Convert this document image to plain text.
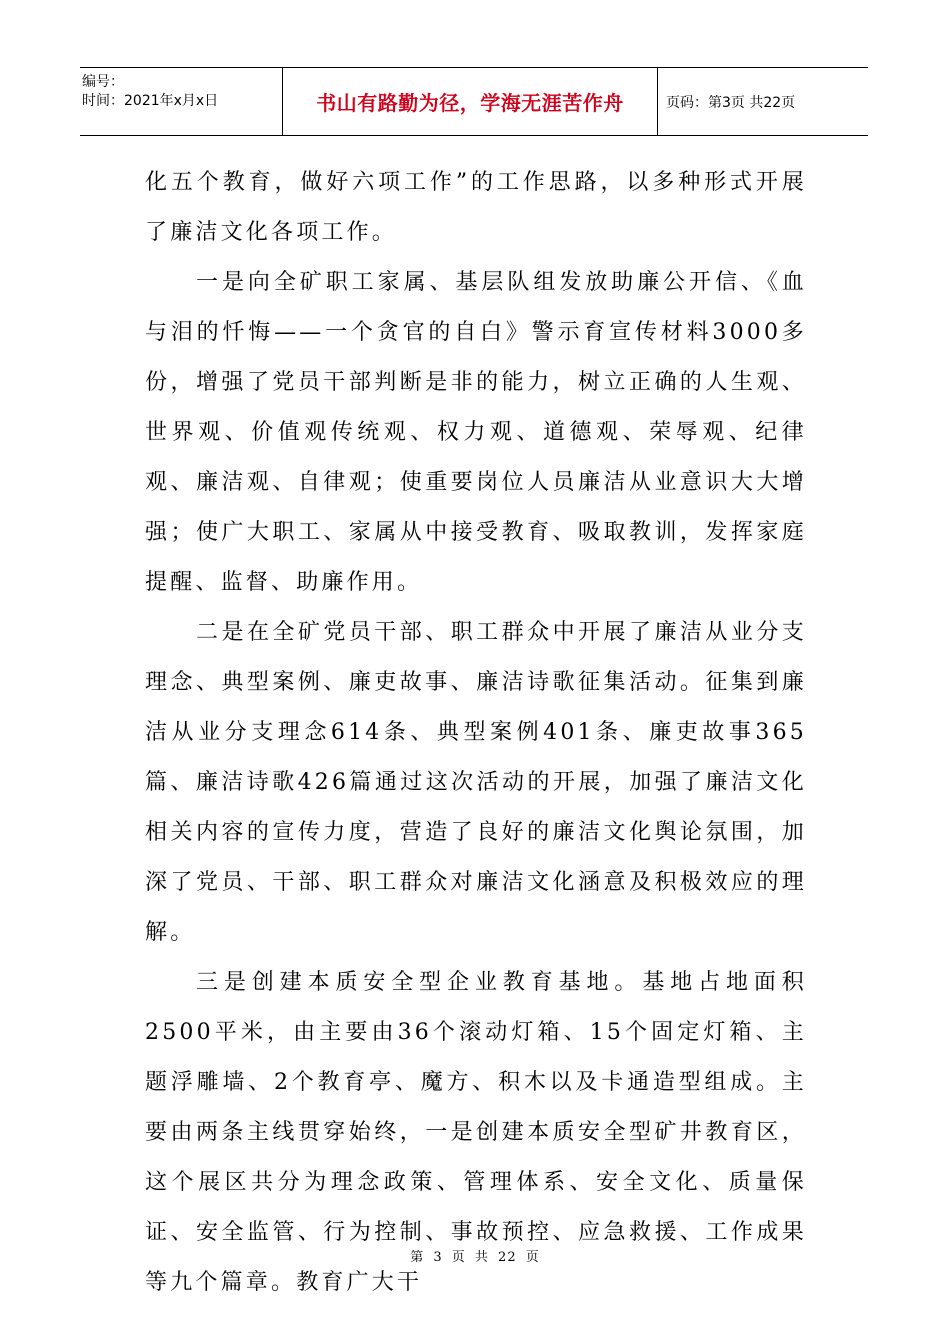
编号：
时间：2021年x月x日	书山有路勤为径，学海无涯苦作舟	页码：第3页 共22页

化五个教育，做好六项工作”的工作思路，以多种形式开展了廉洁文化各项工作。

一是向全矿职工家属、基层队组发放助廉公开信、《血与泪的忏悔——一个贪官的自白》警示育宣传材料3000多份，增强了党员干部判断是非的能力，树立正确的人生观、世界观、价值观传统观、权力观、道德观、荣辱观、纪律观、廉洁观、自律观；使重要岗位人员廉洁从业意识大大增强；使广大职工、家属从中接受教育、吸取教训，发挥家庭提醒、监督、助廉作用。

二是在全矿党员干部、职工群众中开展了廉洁从业分支理念、典型案例、廉吏故事、廉洁诗歌征集活动。征集到廉洁从业分支理念614条、典型案例401条、廉吏故事365篇、廉洁诗歌426篇通过这次活动的开展，加强了廉洁文化相关内容的宣传力度，营造了良好的廉洁文化舆论氛围，加深了党员、干部、职工群众对廉洁文化涵意及积极效应的理解。

三是创建本质安全型企业教育基地。基地占地面积2500平米，由主要由36个滚动灯箱、15个固定灯箱、主题浮雕墙、2个教育亭、魔方、积木以及卡通造型组成。主要由两条主线贯穿始终，一是创建本质安全型矿井教育区，这个展区共分为理念政策、管理体系、安全文化、质量保证、安全监管、行为控制、事故预控、应急救援、工作成果等九个篇章。教育广大干

第 3 页 共 22 页
